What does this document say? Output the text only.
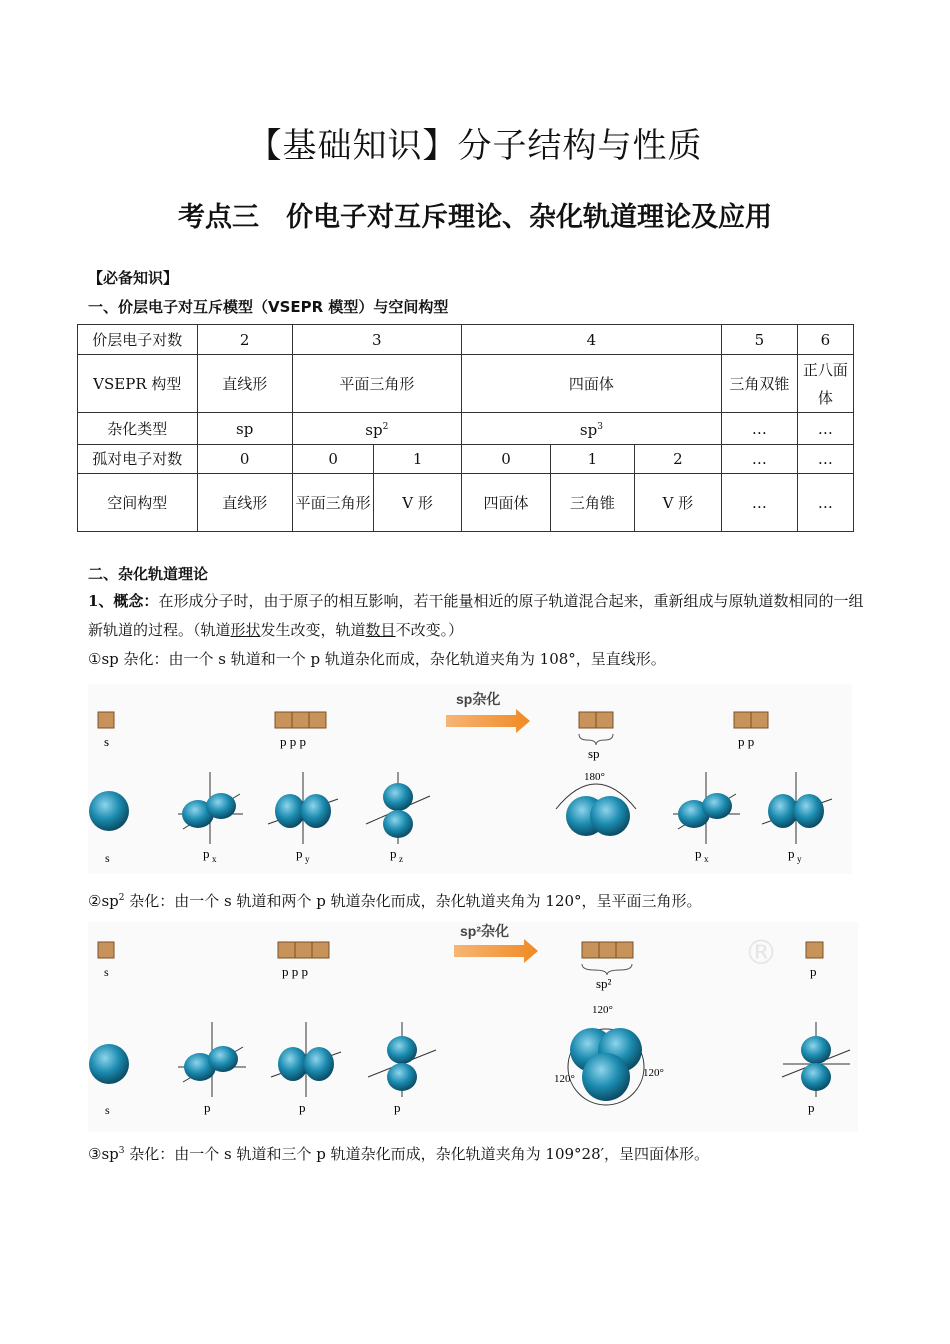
【基础知识】分子结构与性质
考点三　价电子对互斥理论、杂化轨道理论及应用
【必备知识】
一、价层电子对互斥模型（VSEPR 模型）与空间构型
价层电子对数	2	3		4			5	6
VSEPR 构型	直线形	平面三角形		四面体			三角双锥	正八面体
杂化类型	sp	$sp^2$		$sp^3$			…	…
孤对电子对数	0	0	1	0	1	2	…	…
空间构型	直线形	平面三角形	V 形	四面体	三角锥	V 形	…	…
二、杂化轨道理论
1、概念：在形成分子时，由于原子的相互影响，若干能量相近的原子轨道混合起来，重新组成与原轨道数相同的一组新轨道的过程。（轨道形状发生改变，轨道数目不改变。）
①sp 杂化：由一个 s 轨道和一个 p 轨道杂化而成，杂化轨道夹角为 108°，呈直线形。
s	p p p
sp杂化
sp
p p
s	p x	p y	p z
180°
p x	p y
$②sp^2$ 杂化：由一个 s 轨道和两个 p 轨道杂化而成，杂化轨道夹角为 120°，呈平面三角形。
s	p p p
sp²杂化
sp²
® p
s	p	p	p
120°
120°	120°
p
$③sp^3$ 杂化：由一个 s 轨道和三个 p 轨道杂化而成，杂化轨道夹角为 109°28′，呈四面体形。
